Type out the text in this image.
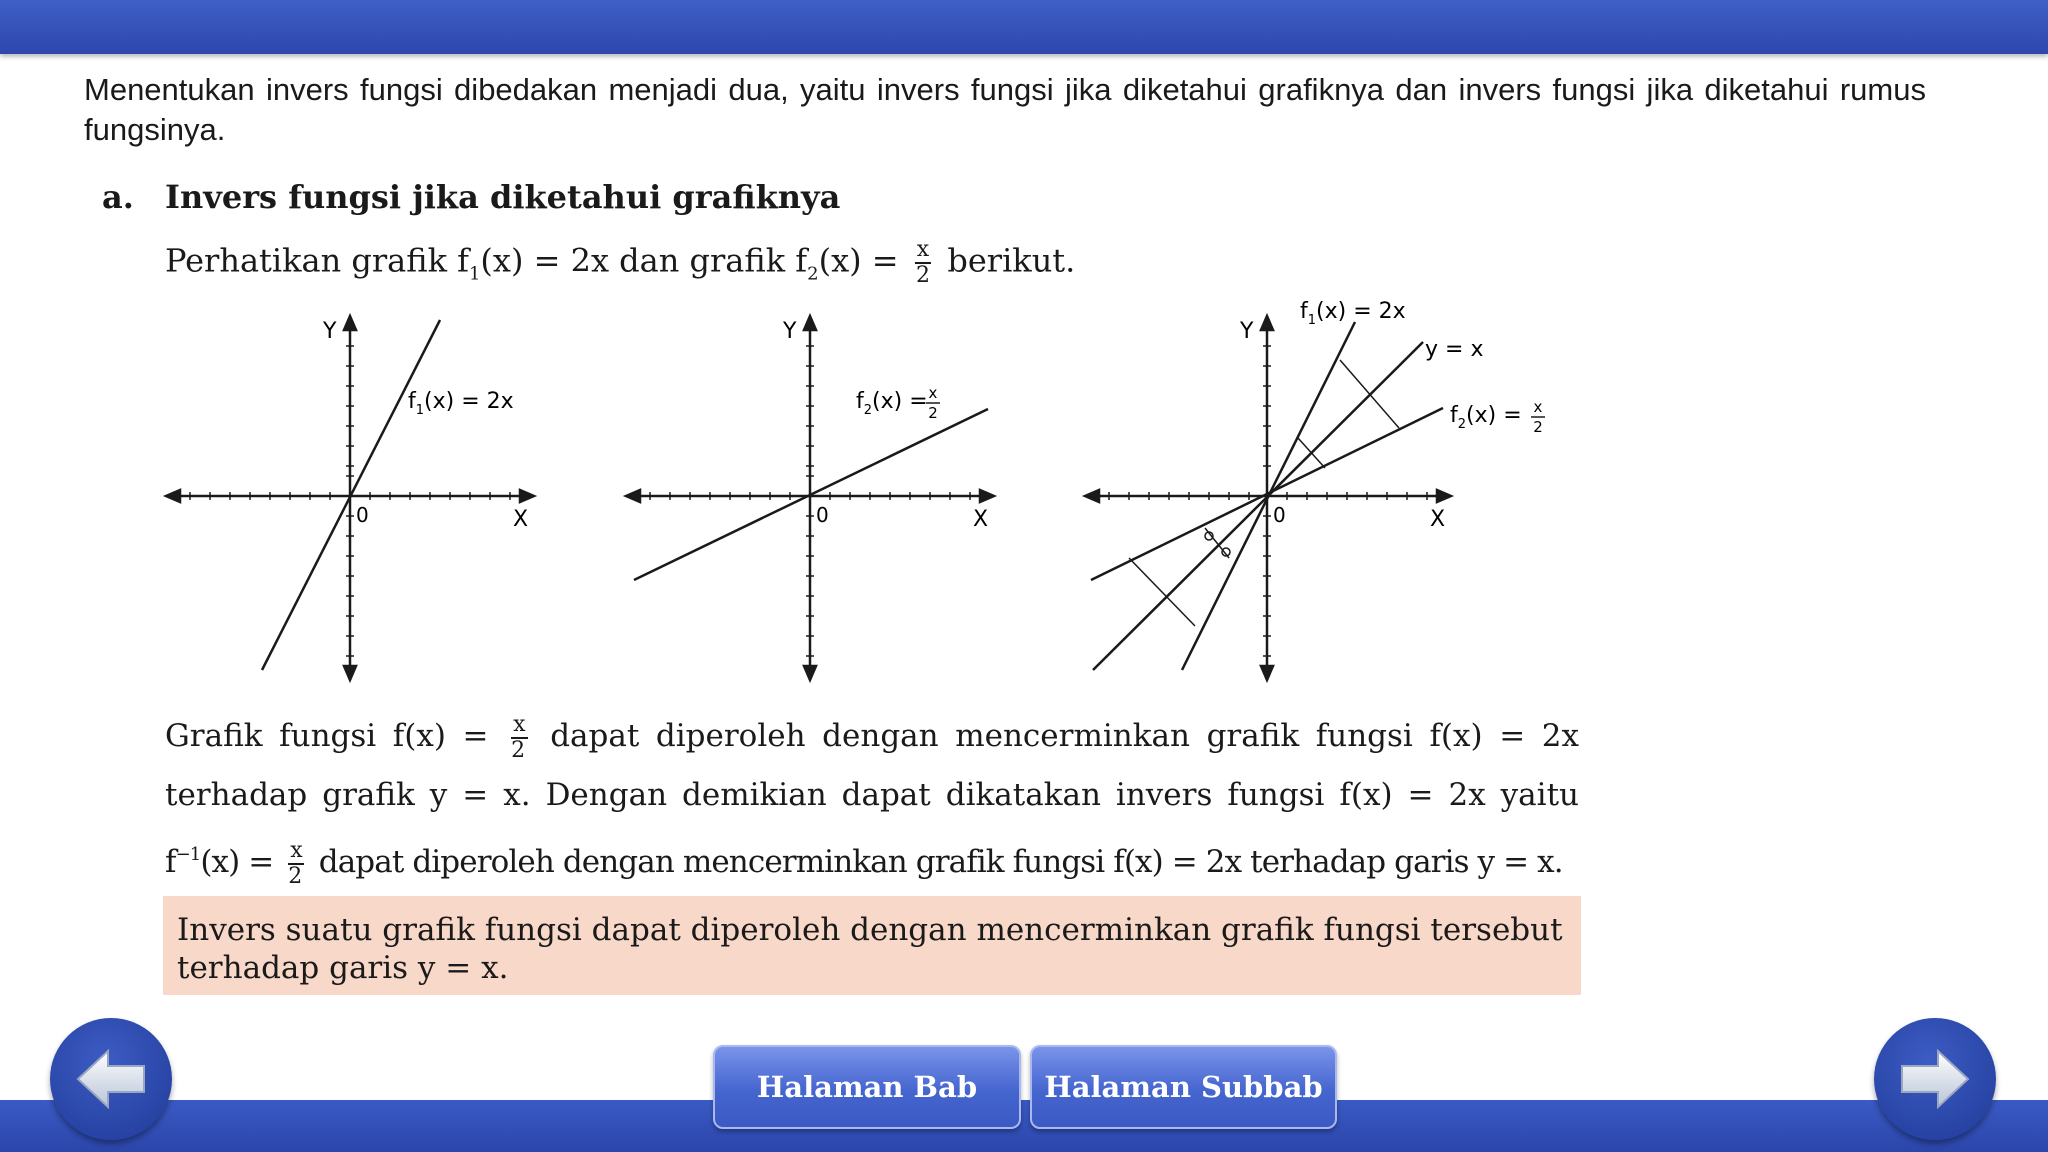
Menentukan invers fungsi dibedakan menjadi dua, yaitu invers fungsi jika diketahui grafiknya dan invers fungsi jika diketahui rumus fungsinya.
a. Invers fungsi jika diketahui grafiknya
Perhatikan grafik $f_1(x) = 2x$ dan grafik $f_2(x) = \frac{x}{2}$ berikut.
Y
X
0
$f_1(x) = 2x$
Y
X
0
$f_2(x) = x$
2
Y
X
0
$f_1(x) = 2x$
y = x
$f_2(x) = x$
2
Grafik fungsi $f(x) = \frac{x}{2}$ dapat diperoleh dengan mencerminkan grafik fungsi f(x) = 2x
terhadap grafik y = x. Dengan demikian dapat dikatakan invers fungsi f(x) = 2x yaitu
$f^{-1}(x) = \frac{x}{2}$ dapat diperoleh dengan mencerminkan grafik fungsi f(x) = 2x terhadap garis y = x.
Invers suatu grafik fungsi dapat diperoleh dengan mencerminkan grafik fungsi tersebut terhadap garis y = x.
Halaman Bab	Halaman Subbab
